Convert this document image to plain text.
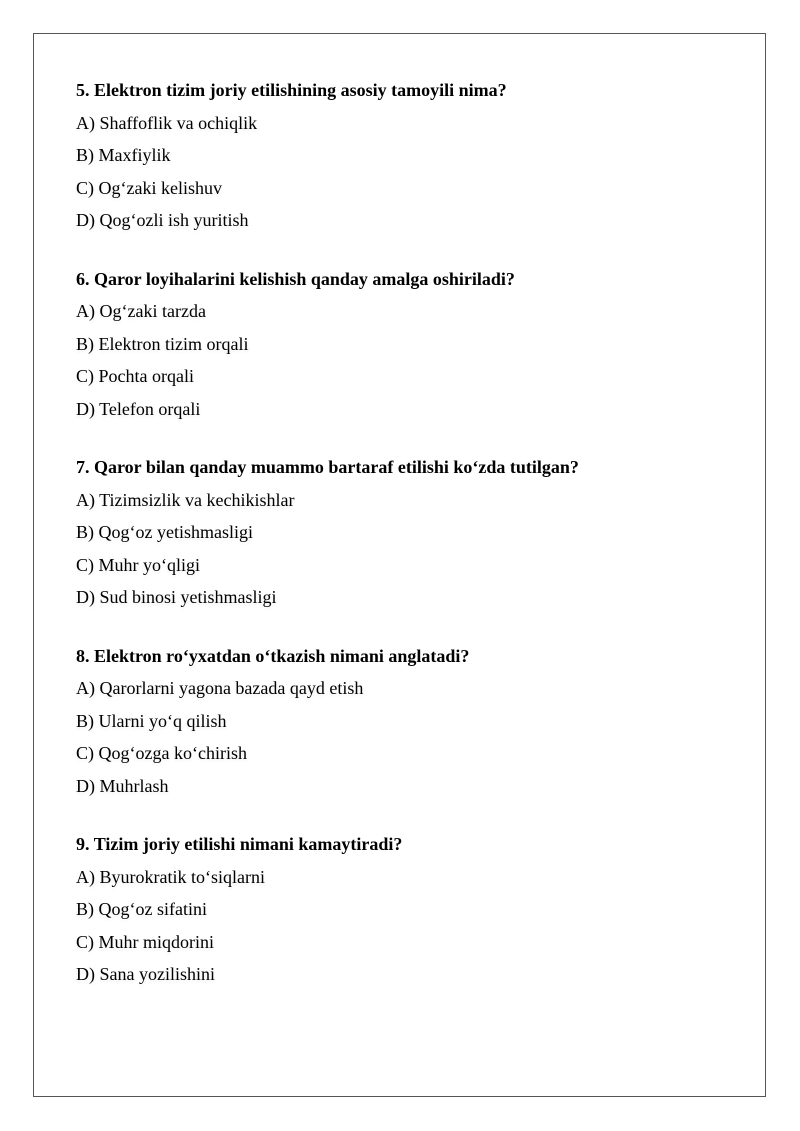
5. Elektron tizim joriy etilishining asosiy tamoyili nima?

A) Shaffoflik va ochiqlik

B) Maxfiylik

C) Og‘zaki kelishuv

D) Qog‘ozli ish yuritish

6. Qaror loyihalarini kelishish qanday amalga oshiriladi?

A) Og‘zaki tarzda

B) Elektron tizim orqali

C) Pochta orqali

D) Telefon orqali

7. Qaror bilan qanday muammo bartaraf etilishi ko‘zda tutilgan?

A) Tizimsizlik va kechikishlar

B) Qog‘oz yetishmasligi

C) Muhr yo‘qligi

D) Sud binosi yetishmasligi

8. Elektron ro‘yxatdan o‘tkazish nimani anglatadi?

A) Qarorlarni yagona bazada qayd etish

B) Ularni yo‘q qilish

C) Qog‘ozga ko‘chirish

D) Muhrlash

9. Tizim joriy etilishi nimani kamaytiradi?

A) Byurokratik to‘siqlarni

B) Qog‘oz sifatini

C) Muhr miqdorini

D) Sana yozilishini
